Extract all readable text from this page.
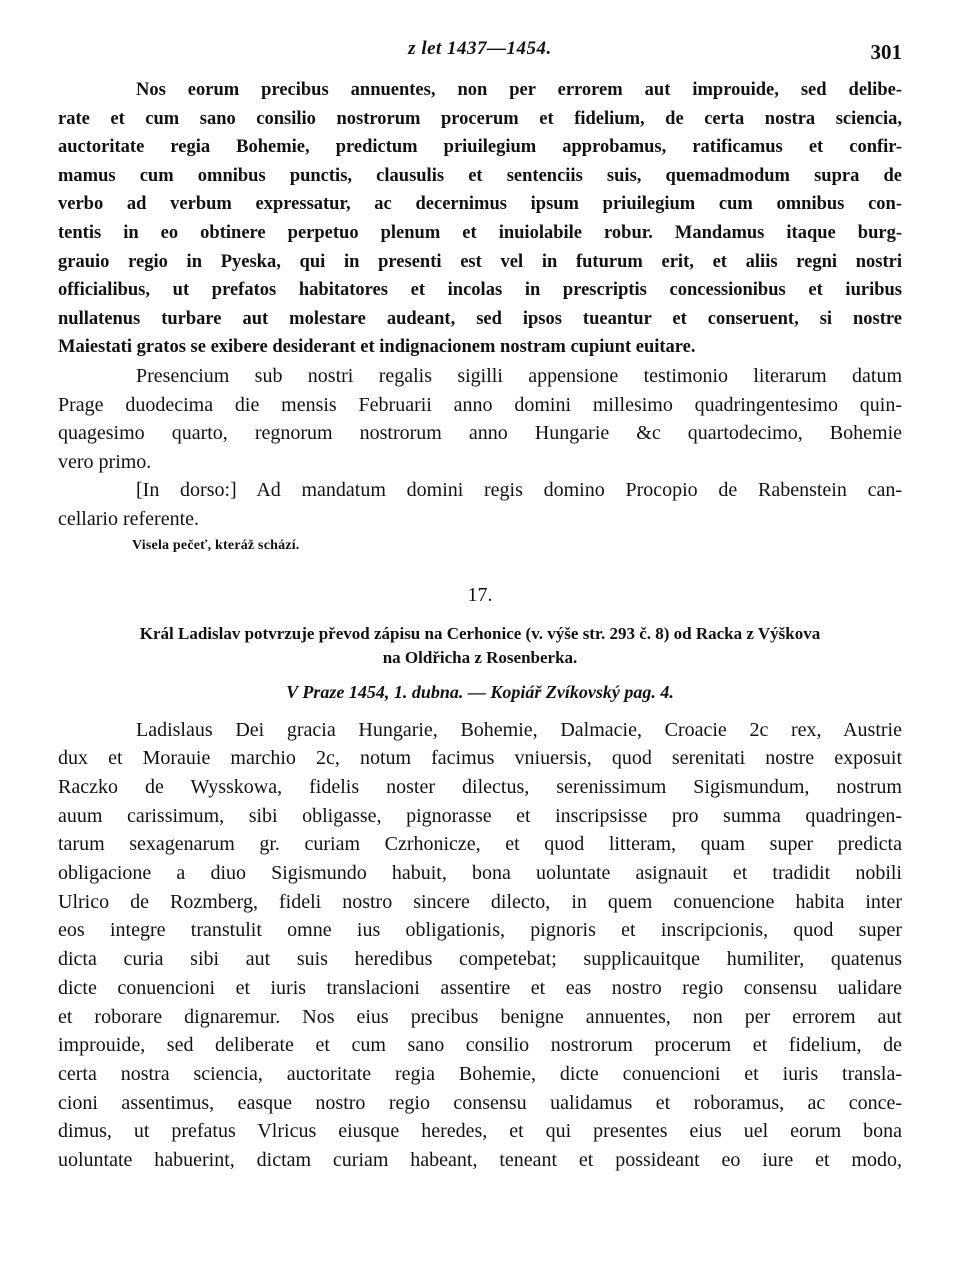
z let 1437—1454.	301

Nos eorum precibus annuentes, non per errorem aut improuide, sed delibe-
rate et cum sano consilio nostrorum procerum et fidelium, de certa nostra sciencia,
auctoritate regia Bohemie, predictum priuilegium approbamus, ratificamus et confir-
mamus cum omnibus punctis, clausulis et sentenciis suis, quemadmodum supra de
verbo ad verbum expressatur, ac decernimus ipsum priuilegium cum omnibus con-
tentis in eo obtinere perpetuo plenum et inuiolabile robur. Mandamus itaque burg-
grauio regio in Pyeska, qui in presenti est vel in futurum erit, et aliis regni nostri
officialibus, ut prefatos habitatores et incolas in prescriptis concessionibus et iuribus
nullatenus turbare aut molestare audeant, sed ipsos tueantur et conseruent, si nostre
Maiestati gratos se exibere desiderant et indignacionem nostram cupiunt euitare.

Presencium sub nostri regalis sigilli appensione testimonio literarum datum
Prage duodecima die mensis Februarii anno domini millesimo quadringentesimo quin-
quagesimo quarto, regnorum nostrorum anno Hungarie &c quartodecimo, Bohemie
vero primo.

[In dorso:] Ad mandatum domini regis domino Procopio de Rabenstein can-
cellario referente.

Visela pečeť, kteráž schází.
17.
Král Ladislav potvrzuje převod zápisu na Cerhonice (v. výše str. 293 č. 8) od Racka z Výškova
na Oldřicha z Rosenberka.
V Praze 1454, 1. dubna. — Kopiář Zvíkovský pag. 4.

Ladislaus Dei gracia Hungarie, Bohemie, Dalmacie, Croacie 2c rex, Austrie
dux et Morauie marchio 2c, notum facimus vniuersis, quod serenitati nostre exposuit
Raczko de Wysskowa, fidelis noster dilectus, serenissimum Sigismundum, nostrum
auum carissimum, sibi obligasse, pignorasse et inscripsisse pro summa quadringen-
tarum sexagenarum gr. curiam Czrhonicze, et quod litteram, quam super predicta
obligacione a diuo Sigismundo habuit, bona uoluntate asignauit et tradidit nobili
Ulrico de Rozmberg, fideli nostro sincere dilecto, in quem conuencione habita inter
eos integre transtulit omne ius obligationis, pignoris et inscripcionis, quod super
dicta curia sibi aut suis heredibus competebat; supplicauitque humiliter, quatenus
dicte conuencioni et iuris translacioni assentire et eas nostro regio consensu ualidare
et roborare dignaremur. Nos eius precibus benigne annuentes, non per errorem aut
improuide, sed deliberate et cum sano consilio nostrorum procerum et fidelium, de
certa nostra sciencia, auctoritate regia Bohemie, dicte conuencioni et iuris transla-
cioni assentimus, easque nostro regio consensu ualidamus et roboramus, ac conce-
dimus, ut prefatus Vlricus eiusque heredes, et qui presentes eius uel eorum bona
uoluntate habuerint, dictam curiam habeant, teneant et possideant eo iure et modo,
